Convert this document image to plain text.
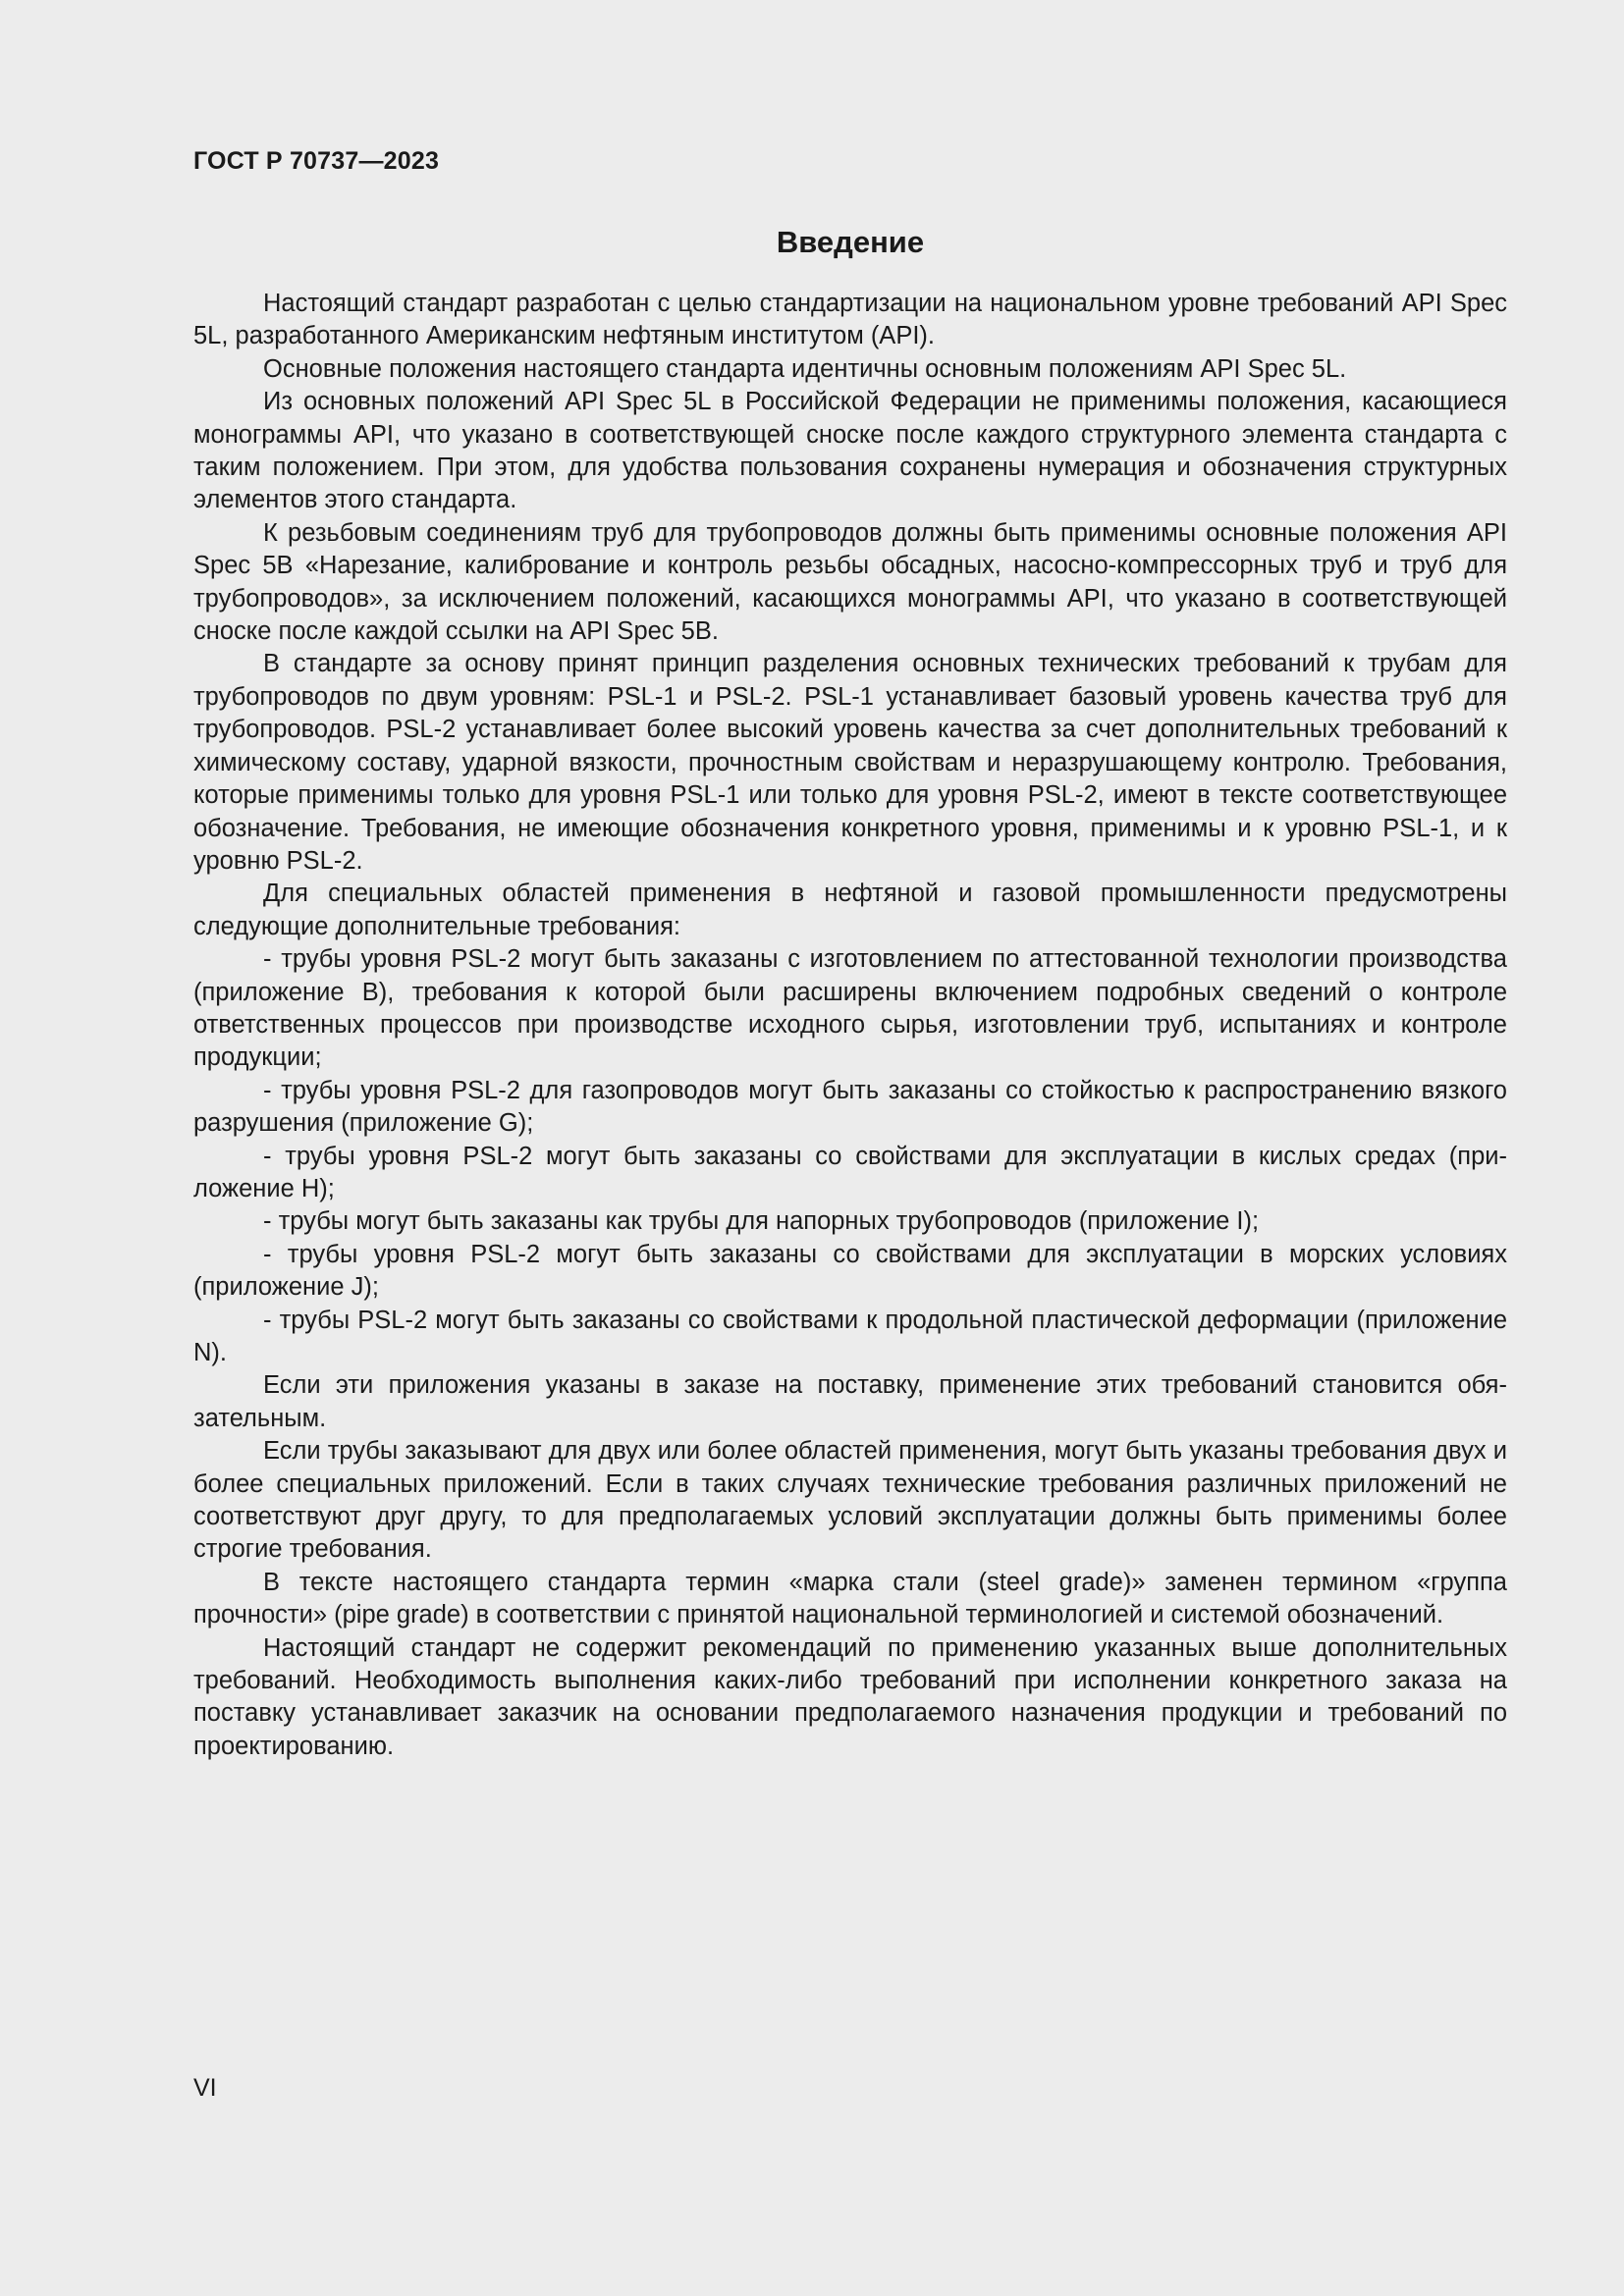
ГОСТ Р 70737—2023
Введение

Настоящий стандарт разработан с целью стандартизации на национальном уровне требований API Spec 5L, разработанного Американским нефтяным институтом (API).

Основные положения настоящего стандарта идентичны основным положениям API Spec 5L.

Из основных положений API Spec 5L в Российской Федерации не применимы положения, касающиеся монограммы API, что указано в соответствующей сноске после каждого структурного элемента стандарта с таким положением. При этом, для удобства пользования сохранены нумерация и обозначения структурных элементов этого стандарта.

К резьбовым соединениям труб для трубопроводов должны быть применимы основные положения API Spec 5B «Нарезание, калибрование и контроль резьбы обсадных, насосно-компрессорных труб и труб для трубопроводов», за исключением положений, касающихся монограммы API, что указано в соответствующей сноске после каждой ссылки на API Spec 5B.

В стандарте за основу принят принцип разделения основных технических требований к трубам для трубопроводов по двум уровням: PSL-1 и PSL-2. PSL-1 устанавливает базовый уровень качества труб для трубопроводов. PSL-2 устанавливает более высокий уровень качества за счет дополнительных требований к химическому составу, ударной вязкости, прочностным свойствам и неразрушающему контролю. Требования, которые применимы только для уровня PSL-1 или только для уровня PSL-2, имеют в тексте соответствующее обозначение. Требования, не имеющие обозначения конкретного уровня, применимы и к уровню PSL-1, и к уровню PSL-2.

Для специальных областей применения в нефтяной и газовой промышленности предусмотрены следующие дополнительные требования:

- трубы уровня PSL-2 могут быть заказаны с изготовлением по аттестованной технологии производства (приложение B), требования к которой были расширены включением подробных сведений о контроле ответственных процессов при производстве исходного сырья, изготовлении труб, испытаниях и контроле продукции;
- трубы уровня PSL-2 для газопроводов могут быть заказаны со стойкостью к распространению вязкого разрушения (приложение G);
- трубы уровня PSL-2 могут быть заказаны со свойствами для эксплуатации в кислых средах (приложение H);
- трубы могут быть заказаны как трубы для напорных трубопроводов (приложение I);
- трубы уровня PSL-2 могут быть заказаны со свойствами для эксплуатации в морских условиях (приложение J);
- трубы PSL-2 могут быть заказаны со свойствами к продольной пластической деформации (приложение N).

Если эти приложения указаны в заказе на поставку, применение этих требований становится обязательным.

Если трубы заказывают для двух или более областей применения, могут быть указаны требования двух и более специальных приложений. Если в таких случаях технические требования различных приложений не соответствуют друг другу, то для предполагаемых условий эксплуатации должны быть применимы более строгие требования.

В тексте настоящего стандарта термин «марка стали (steel grade)» заменен термином «группа прочности» (pipe grade) в соответствии с принятой национальной терминологией и системой обозначений.

Настоящий стандарт не содержит рекомендаций по применению указанных выше дополнительных требований. Необходимость выполнения каких-либо требований при исполнении конкретного заказа на поставку устанавливает заказчик на основании предполагаемого назначения продукции и требований по проектированию.

VI
